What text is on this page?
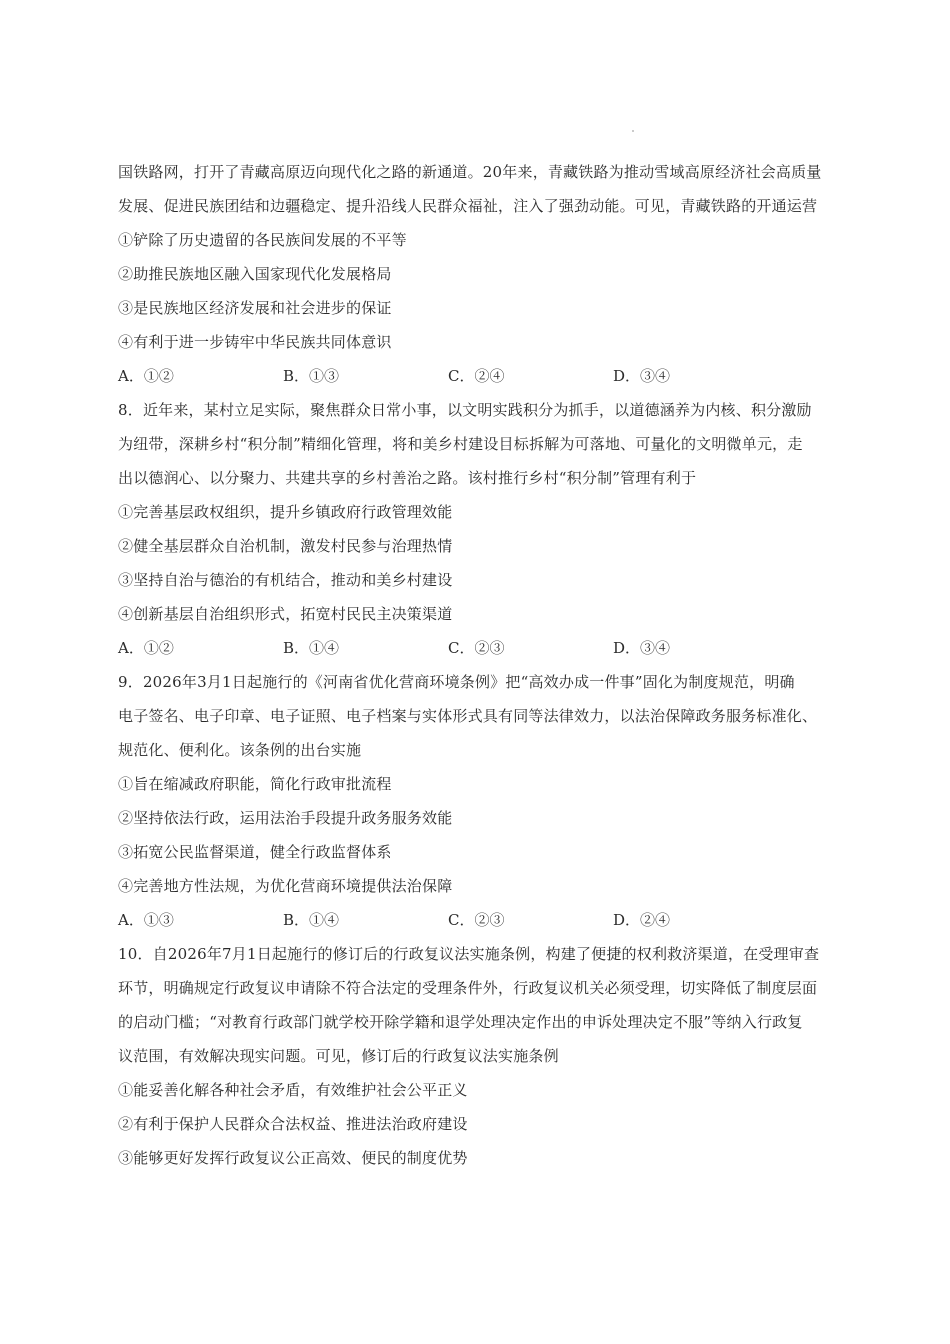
国铁路网，打开了青藏高原迈向现代化之路的新通道。20年来，青藏铁路为推动雪域高原经济社会高质量
发展、促进民族团结和边疆稳定、提升沿线人民群众福祉，注入了强劲动能。可见，青藏铁路的开通运营
①铲除了历史遗留的各民族间发展的不平等
②助推民族地区融入国家现代化发展格局
③是民族地区经济发展和社会进步的保证
④有利于进一步铸牢中华民族共同体意识
A．①②	B．①③	C．②④	D．③④
8．近年来，某村立足实际，聚焦群众日常小事，以文明实践积分为抓手，以道德涵养为内核、积分激励
为纽带，深耕乡村“积分制”精细化管理，将和美乡村建设目标拆解为可落地、可量化的文明微单元，走
出以德润心、以分聚力、共建共享的乡村善治之路。该村推行乡村“积分制”管理有利于
①完善基层政权组织，提升乡镇政府行政管理效能
②健全基层群众自治机制，激发村民参与治理热情
③坚持自治与德治的有机结合，推动和美乡村建设
④创新基层自治组织形式，拓宽村民民主决策渠道
A．①②	B．①④	C．②③	D．③④
9．2026年3月1日起施行的《河南省优化营商环境条例》把“高效办成一件事”固化为制度规范，明确
电子签名、电子印章、电子证照、电子档案与实体形式具有同等法律效力，以法治保障政务服务标准化、
规范化、便利化。该条例的出台实施
①旨在缩减政府职能，简化行政审批流程
②坚持依法行政，运用法治手段提升政务服务效能
③拓宽公民监督渠道，健全行政监督体系
④完善地方性法规，为优化营商环境提供法治保障
A．①③	B．①④	C．②③	D．②④
10．自2026年7月1日起施行的修订后的行政复议法实施条例，构建了便捷的权利救济渠道，在受理审查
环节，明确规定行政复议申请除不符合法定的受理条件外，行政复议机关必须受理，切实降低了制度层面
的启动门槛；“对教育行政部门就学校开除学籍和退学处理决定作出的申诉处理决定不服”等纳入行政复
议范围，有效解决现实问题。可见，修订后的行政复议法实施条例
①能妥善化解各种社会矛盾，有效维护社会公平正义
②有利于保护人民群众合法权益、推进法治政府建设
③能够更好发挥行政复议公正高效、便民的制度优势
